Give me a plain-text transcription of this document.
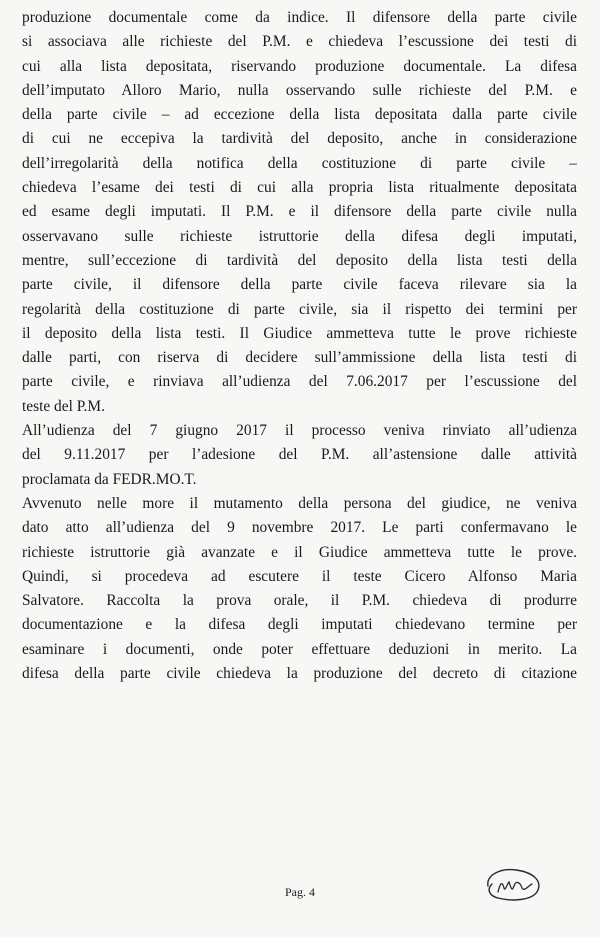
produzione documentale come da indice. Il difensore della parte civile
si associava alle richieste del P.M. e chiedeva l’escussione dei testi di
cui alla lista depositata, riservando produzione documentale. La difesa
dell’imputato Alloro Mario, nulla osservando sulle richieste del P.M. e
della parte civile – ad eccezione della lista depositata dalla parte civile
di cui ne eccepiva la tardività del deposito, anche in considerazione
dell’irregolarità della notifica della costituzione di parte civile –
chiedeva l’esame dei testi di cui alla propria lista ritualmente depositata
ed esame degli imputati. Il P.M. e il difensore della parte civile nulla
osservavano sulle richieste istruttorie della difesa degli imputati,
mentre, sull’eccezione di tardività del deposito della lista testi della
parte civile, il difensore della parte civile faceva rilevare sia la
regolarità della costituzione di parte civile, sia il rispetto dei termini per
il deposito della lista testi. Il Giudice ammetteva tutte le prove richieste
dalle parti, con riserva di decidere sull’ammissione della lista testi di
parte civile, e rinviava all’udienza del 7.06.2017 per l’escussione del
teste del P.M.
All’udienza del 7 giugno 2017 il processo veniva rinviato all’udienza
del 9.11.2017 per l’adesione del P.M. all’astensione dalle attività
proclamata da FEDR.MO.T.
Avvenuto nelle more il mutamento della persona del giudice, ne veniva
dato atto all’udienza del 9 novembre 2017. Le parti confermavano le
richieste istruttorie già avanzate e il Giudice ammetteva tutte le prove.
Quindi, si procedeva ad escutere il teste Cicero Alfonso Maria
Salvatore. Raccolta la prova orale, il P.M. chiedeva di produrre
documentazione e la difesa degli imputati chiedevano termine per
esaminare i documenti, onde poter effettuare deduzioni in merito. La
difesa della parte civile chiedeva la produzione del decreto di citazione
Pag. 4
